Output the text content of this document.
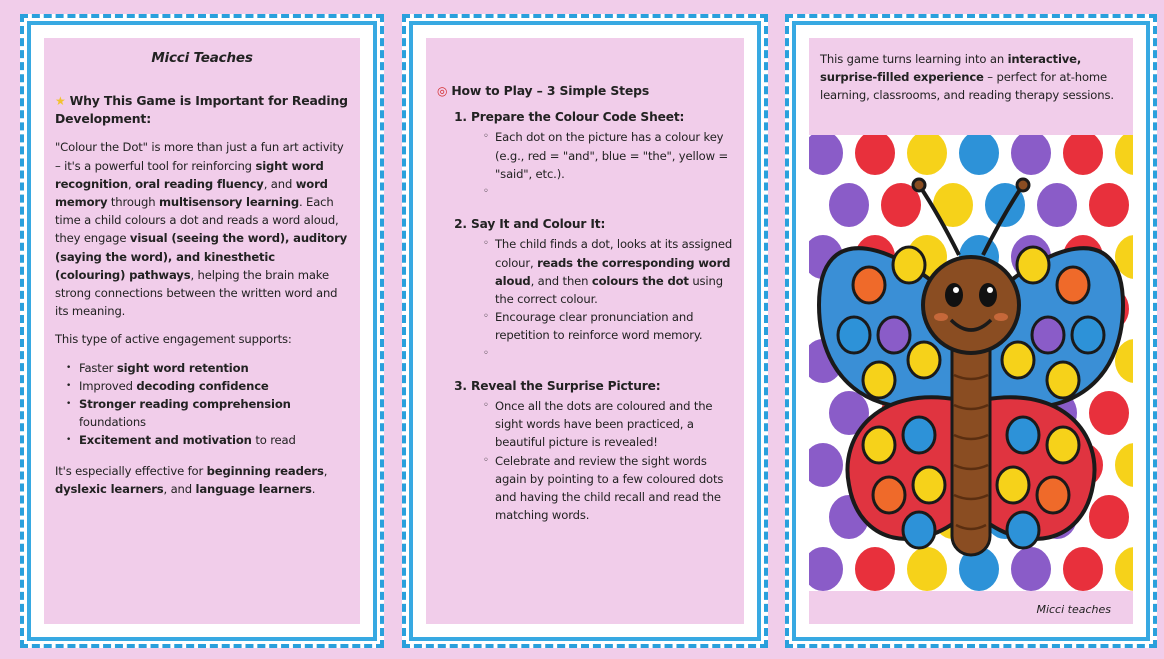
Micci Teaches

★ Why This Game is Important for Reading Development:

"Colour the Dot" is more than just a fun art activity – it's a powerful tool for reinforcing sight word recognition, oral reading fluency, and word memory through multisensory learning. Each time a child colours a dot and reads a word aloud, they engage visual (seeing the word), auditory (saying the word), and kinesthetic (colouring) pathways, helping the brain make strong connections between the written word and its meaning.

This type of active engagement supports:

• Faster sight word retention
• Improved decoding confidence
• Stronger reading comprehension foundations
• Excitement and motivation to read

It's especially effective for beginning readers, dyslexic learners, and language learners.

◎ How to Play – 3 Simple Steps

1. Prepare the Colour Code Sheet:
◦ Each dot on the picture has a colour key (e.g., red = "and", blue = "the", yellow = "said", etc.).
◦
2. Say It and Colour It:
◦ The child finds a dot, looks at its assigned colour, reads the corresponding word aloud, and then colours the dot using the correct colour.
◦ Encourage clear pronunciation and repetition to reinforce word memory.
◦
3. Reveal the Surprise Picture:
◦ Once all the dots are coloured and the sight words have been practiced, a beautiful picture is revealed!
◦ Celebrate and review the sight words again by pointing to a few coloured dots and having the child recall and read the matching words.
This game turns learning into an interactive, surprise-filled experience – perfect for at-home learning, classrooms, and reading therapy sessions.
Micci teaches
